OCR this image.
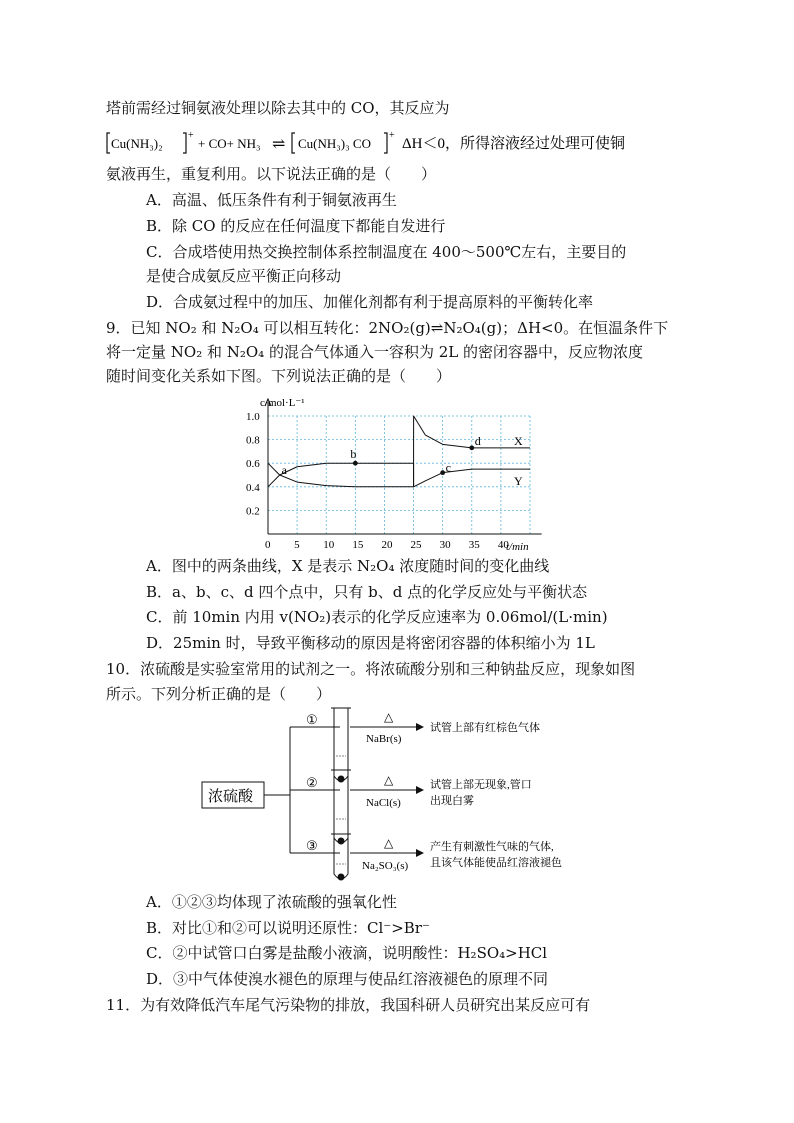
塔前需经过铜氨液处理以除去其中的 CO，其反应为
Cu(NH₃)₂
+
+ CO+ NH₃ ⇌ Cu(NH₃)₃ CO
+
ΔH＜0，所得溶液经过处理可使铜
氨液再生，重复利用。以下说法正确的是（　　）
A．高温、低压条件有利于铜氨液再生
B．除 CO 的反应在任何温度下都能自发进行
C．合成塔使用热交换控制体系控制温度在 400～500℃左右，主要目的
是使合成氨反应平衡正向移动
D．合成氨过程中的加压、加催化剂都有利于提高原料的平衡转化率
9．已知 NO₂ 和 N₂O₄ 可以相互转化：2NO₂(g)⇌N₂O₄(g)；ΔH<0。在恒温条件下
将一定量 NO₂ 和 N₂O₄ 的混合气体通入一容积为 2L 的密闭容器中，反应物浓度
随时间变化关系如下图。下列说法正确的是（　　）
0 5 10 15 20 25 30 35 40
0.2
0.4
0.6
0.8
1.0
X
Y
a
b
c
d
c/mol·L⁻¹
t/min
A．图中的两条曲线，X 是表示 N₂O₄ 浓度随时间的变化曲线
B．a、b、c、d 四个点中，只有 b、d 点的化学反应处与平衡状态
C．前 10min 内用 v(NO₂)表示的化学反应速率为 0.06mol/(L·min)
D．25min 时，导致平衡移动的原因是将密闭容器的体积缩小为 1L
10．浓硫酸是实验室常用的试剂之一。将浓硫酸分别和三种钠盐反应，现象如图
所示。下列分析正确的是（　　）
浓硫酸
①	△
NaBr(s)
试管上部有红棕色气体
②	△
NaCl(s)
试管上部无现象,管口
出现白雾
③	△
Na₂SO₃(s)
产生有刺激性气味的气体,
且该气体能使品红溶液褪色
A．①②③均体现了浓硫酸的强氧化性
B．对比①和②可以说明还原性：Cl⁻>Br⁻
C．②中试管口白雾是盐酸小液滴，说明酸性：H₂SO₄>HCl
D．③中气体使溴水褪色的原理与使品红溶液褪色的原理不同
11．为有效降低汽车尾气污染物的排放，我国科研人员研究出某反应可有
